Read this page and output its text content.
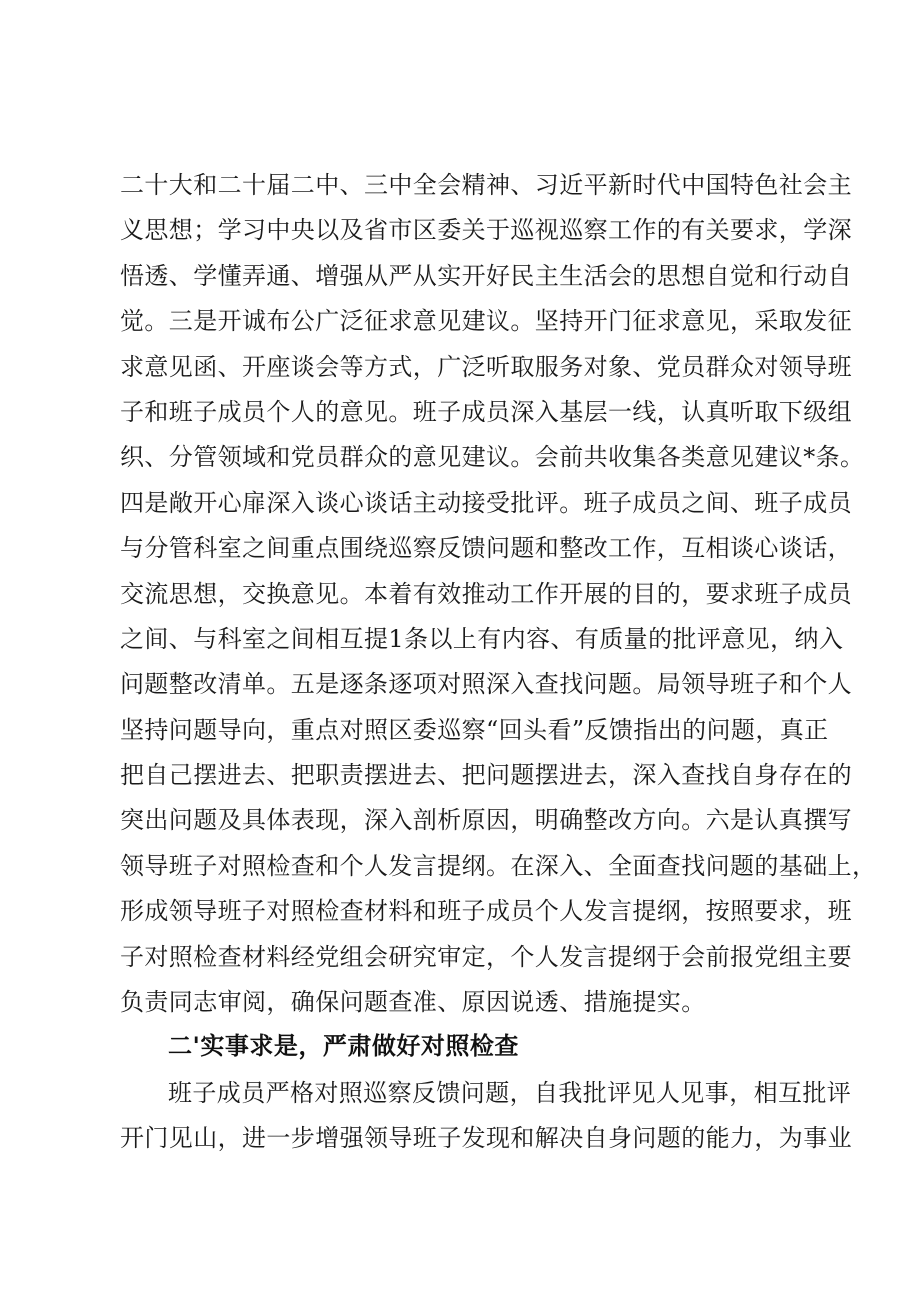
二十大和二十届二中、三中全会精神、习近平新时代中国特色社会主
义思想；学习中央以及省市区委关于巡视巡察工作的有关要求，学深
悟透、学懂弄通、增强从严从实开好民主生活会的思想自觉和行动自
觉。三是开诚布公广泛征求意见建议。坚持开门征求意见，采取发征
求意见函、开座谈会等方式，广泛听取服务对象、党员群众对领导班
子和班子成员个人的意见。班子成员深入基层一线，认真听取下级组
织、分管领域和党员群众的意见建议。会前共收集各类意见建议*条。
四是敞开心扉深入谈心谈话主动接受批评。班子成员之间、班子成员
与分管科室之间重点围绕巡察反馈问题和整改工作，互相谈心谈话，
交流思想，交换意见。本着有效推动工作开展的目的，要求班子成员
之间、与科室之间相互提1条以上有内容、有质量的批评意见，纳入
问题整改清单。五是逐条逐项对照深入查找问题。局领导班子和个人
坚持问题导向，重点对照区委巡察“回头看”反馈指出的问题，真正
把自己摆进去、把职责摆进去、把问题摆进去，深入查找自身存在的
突出问题及具体表现，深入剖析原因，明确整改方向。六是认真撰写
领导班子对照检查和个人发言提纲。在深入、全面查找问题的基础上，
形成领导班子对照检查材料和班子成员个人发言提纲，按照要求，班
子对照检查材料经党组会研究审定，个人发言提纲于会前报党组主要
负责同志审阅，确保问题查准、原因说透、措施提实。
二'实事求是，严肃做好对照检查
班子成员严格对照巡察反馈问题，自我批评见人见事，相互批评
开门见山，进一步增强领导班子发现和解决自身问题的能力，为事业
